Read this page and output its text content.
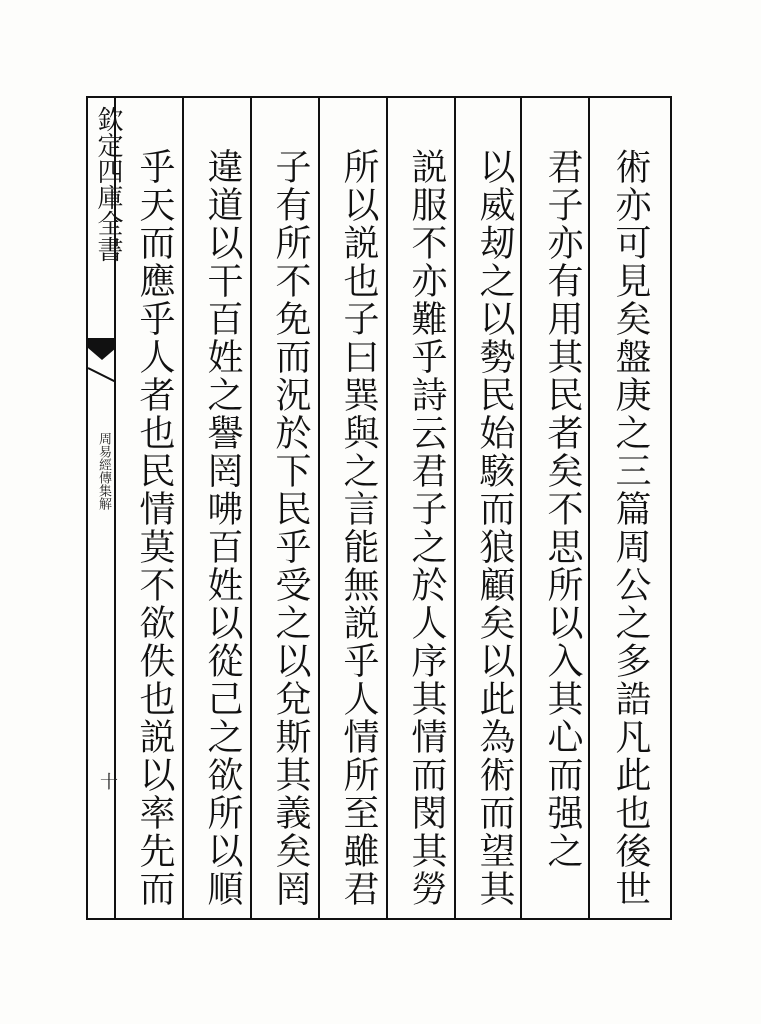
欽定四庫全書
周易經傳集解
十	術亦可見矣盤庚之三篇周公之多誥凡此也後世
君子亦有用其民者矣不思所以入其心而强之
以威刼之以勢民始駭而狼顧矣以此為術而望其
説服不亦難乎詩云君子之於人序其情而閔其勞
所以説也子曰巽與之言能無説乎人情所至雖君
子有所不免而況於下民乎受之以兌斯其義矣罔
違道以干百姓之譽罔咈百姓以從己之欲所以順
乎天而應乎人者也民情莫不欲佚也説以率先而
